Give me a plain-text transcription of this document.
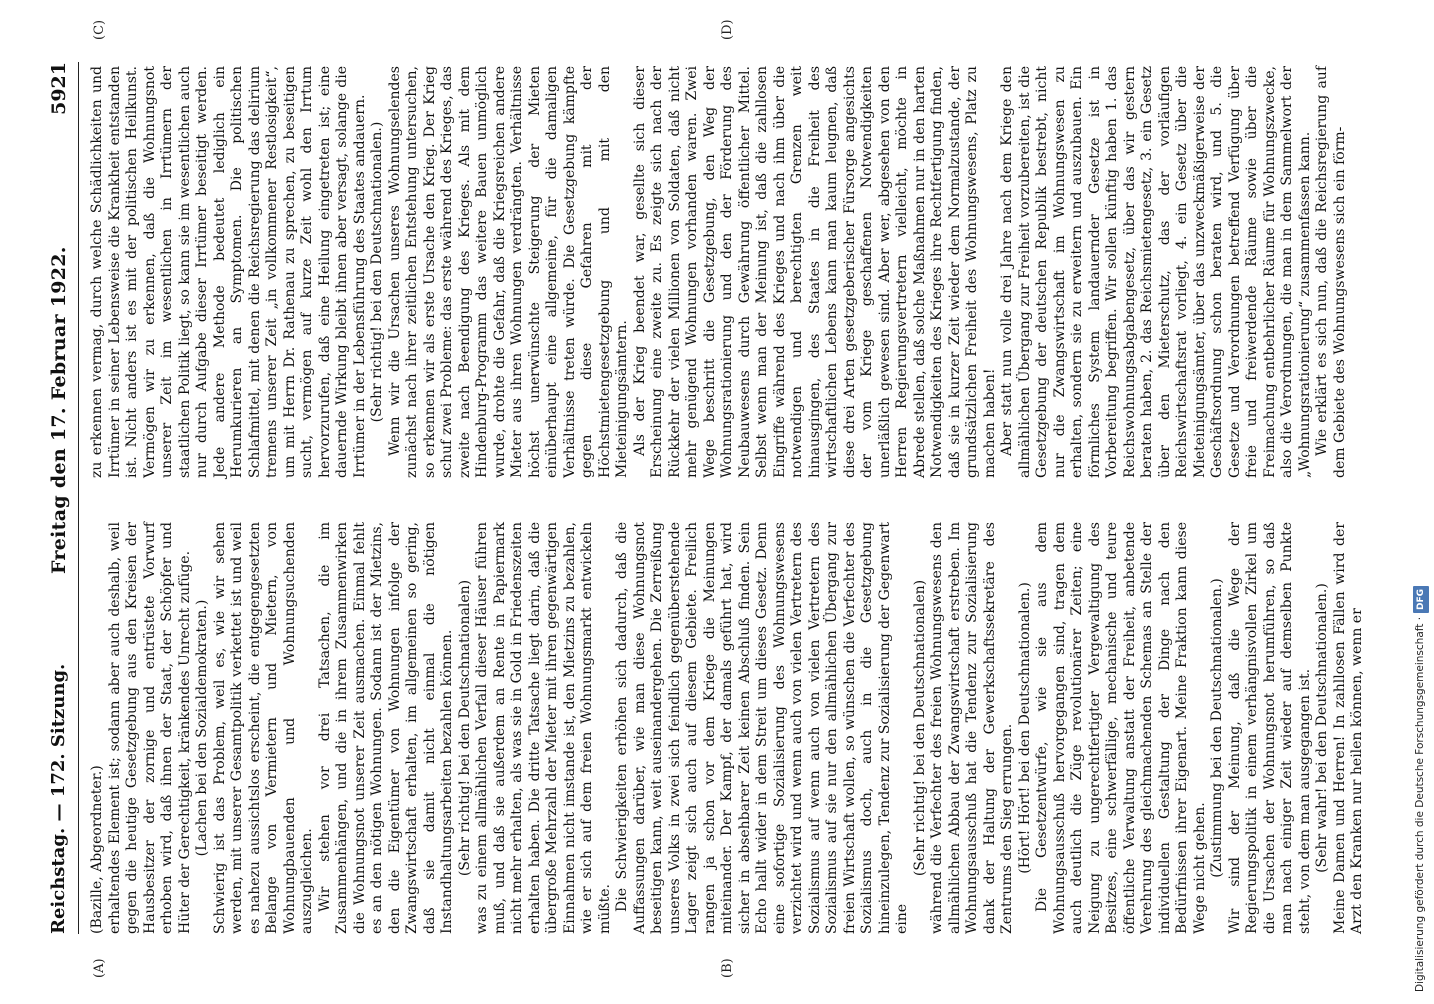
Reichstag. — 172. Sitzung.
Freitag den 17. Februar 1922.
5921
(A)	(B)

(Bazille, Abgeordneter.) erhaltendes Element ist; sodann aber auch deshalb, weil gegen die heutige Gesetzgebung aus den Kreisen der Hausbesitzer der zornige und entrüstete Vorwurf erhoben wird, daß ihnen der Staat, der Schöpfer und Hüter der Gerechtigkeit, kränkendes Unrecht zufüge. (Lachen bei den Sozialdemokraten.) Schwierig ist das Problem, weil es, wie wir sehen werden, mit unserer Gesamtpolitik verkettet ist und weil es nahezu aussichtslos erscheint, die entgegengesetzten Belange von Vermietern und Mietern, von Wohnungbauenden und Wohnungsuchenden auszugleichen. Wir stehen vor drei Tatsachen, die im Zusammenhängen, und die in ihrem Zusammenwirken die Wohnungsnot unserer Zeit ausmachen. Einmal fehlt es an den nötigen Wohnungen. Sodann ist der Mietzins, den die Eigentümer von Wohnungen infolge der Zwangswirtschaft erhalten, im allgemeinen so gering, daß sie damit nicht einmal die nötigen Instandhaltungsarbeiten bezahlen können. (Sehr richtig! bei den Deutschnationalen) was zu einem allmählichen Verfall dieser Häuser führen muß, und daß sie außerdem an Rente in Papiermark nicht mehr erhalten, als was sie in Gold in Friedenszeiten erhalten haben. Die dritte Tatsache liegt darin, daß die übergroße Mehrzahl der Mieter mit ihren gegenwärtigen Einnahmen nicht imstande ist, den Mietzins zu bezahlen, wie er sich auf dem freien Wohnungsmarkt entwickeln müßte. Die Schwierigkeiten erhöhen sich dadurch, daß die Auffassungen darüber, wie man diese Wohnungsnot beseitigen kann, weit auseinandergehen. Die Zerreißung unseres Volks in zwei sich feindlich gegenüberstehende Lager zeigt sich auch auf diesem Gebiete. Freilich rangen ja schon vor dem Kriege die Meinungen miteinander. Der Kampf, der damals geführt hat, wird sicher in absehbarer Zeit keinen Abschluß finden. Sein Echo hallt wider in dem Streit um dieses Gesetz. Denn eine sofortige Sozialisierung des Wohnungswesens verzichtet wird und wenn auch von vielen Vertretern des Sozialismus auf wenn auch von vielen Vertretern des Sozialismus auf sie nur den allmählichen Übergang zur freien Wirtschaft wollen, so wünschen die Verfechter des Sozialismus doch, auch in die Gesetzgebung hineinzulegen, Tendenz zur Sozialisierung der Gegenwart eine

(Sehr richtig! bei den Deutschnationalen) während die Verfechter des freien Wohnungswesens den allmählichen Abbau der Zwangswirtschaft erstreben. Im Wohnungsausschuß hat die Tendenz zur Sozialisierung dank der Haltung der Gewerkschaftssekretäre des Zentrums den Sieg errungen. (Hört! Hört! bei den Deutschnationalen.) Die Gesetzentwürfe, wie sie aus dem Wohnungsausschuß hervorgegangen sind, tragen dem auch deutlich die Züge revolutionärer Zeiten; eine Neigung zu ungerechtfertigter Vergewaltigung des Besitzes, eine schwerfällige, mechanische und teure öffentliche Verwaltung anstatt der Freiheit, anbetende Verehrung des gleichmachenden Schemas an Stelle der individuellen Gestaltung der Dinge nach den Bedürfnissen ihrer Eigenart. Meine Fraktion kann diese Wege nicht gehen. (Zustimmung bei den Deutschnationalen.) Wir sind der Meinung, daß die Wege der Regierungspolitik in einem verhängnisvollen Zirkel um die Ursachen der Wohnungsnot herumführen, so daß man nach einiger Zeit wieder auf demselben Punkte steht, von dem man ausgegangen ist. (Sehr wahr! bei den Deutschnationalen.) Meine Damen und Herren! In zahllosen Fällen wird der Arzt den Kranken nur heilen können, wenn er

(C)	(D)

zu erkennen vermag, durch welche Schädlichkeiten und Irrtümer in seiner Lebensweise die Krankheit entstanden ist. Nicht anders ist es mit der politischen Heilkunst. Vermögen wir zu erkennen, daß die Wohnungsnot unserer Zeit im wesentlichen in Irrtümern der staatlichen Politik liegt, so kann sie im wesentlichen auch nur durch Aufgabe dieser Irrtümer beseitigt werden. Jede andere Methode bedeutet lediglich ein Herumkurieren an Symptomen. Die politischen Schlafmittel, mit denen die Reichsregierung das delirium tremens unserer Zeit „in vollkommener Restlosigkeit“, um mit Herrn Dr. Rathenau zu sprechen, zu beseitigen sucht, vermögen auf kurze Zeit wohl den Irrtum hervorzurufen, daß eine Heilung eingetreten ist; eine dauernde Wirkung bleibt ihnen aber versagt, solange die Irrtümer in der Lebensführung des Staates andauern. (Sehr richtig! bei den Deutschnationalen.) Wenn wir die Ursachen unseres Wohnungselendes zunächst nach ihrer zeitlichen Entstehung untersuchen, so erkennen wir als erste Ursache den Krieg. Der Krieg schuf zwei Probleme: das erste während des Krieges, das zweite nach Beendigung des Krieges. Als mit dem Hindenburg-Programm das weitere Bauen unmöglich wurde, drohte die Gefahr, daß die Kriegsreichen andere Mieter aus ihren Wohnungen verdrängten. Verhältnisse höchst unerwünschte Steigerung der Mieten einüberhaupt eine allgemeine, für die damaligen Verhältnisse treten würde. Die Gesetzgebung kämpfte gegen diese Gefahren mit der Höchstmietengesetzgebung und mit den Mieteinigungsämtern. Als der Krieg beendet war, gesellte sich dieser Erscheinung eine zweite zu. Es zeigte sich nach der Rückkehr der vielen Millionen von Soldaten, daß nicht mehr genügend Wohnungen vorhanden waren. Zwei Wege beschritt die Gesetzgebung, den Weg der Wohnungsrationierung und den der Förderung des Neubauwesens durch Gewährung öffentlicher Mittel. Selbst wenn man der Meinung ist, daß die zahllosen Eingriffe während des Krieges und nach ihm über die notwendigen und berechtigten Grenzen weit hinausgingen, des Staates in die Freiheit des wirtschaftlichen Lebens kann man kaum leugnen, daß diese drei Arten gesetzgeberischer Fürsorge angesichts der vom Kriege geschaffenen Notwendigkeiten unerläßlich gewesen sind. Aber wer, abgesehen von den Herren Regierungsvertretern vielleicht, möchte in Abrede stellen, daß solche Maßnahmen nur in den harten Notwendigkeiten des Krieges ihre Rechtfertigung finden, daß sie in kurzer Zeit wieder dem Normalzustande, der grundsätzlichen Freiheit des Wohnungswesens, Platz zu machen haben! Aber statt nun volle drei Jahre nach dem Kriege den allmählichen Übergang zur Freiheit vorzubereiten, ist die Gesetzgebung der deutschen Republik bestrebt, nicht nur die Zwangswirtschaft im Wohnungswesen zu erhalten, sondern sie zu erweitern und auszubauen. Ein förmliches System landauernder Gesetze ist in Vorbereitung begriffen. Wir sollen künftig haben 1. das Reichswohnungsabgabengesetz, über das wir gestern beraten haben, 2. das Reichsmietengesetz, 3. ein Gesetz über den Mieterschutz, das der vorläufigen Reichswirtschaftsrat vorliegt, 4. ein Gesetz über die Mieteinigungsämter, über das unzweckmäßigerweise der Geschäftsordnung schon beraten wird, und 5. die Gesetze und Verordnungen betreffend Verfügung über freie und freiwerdende Räume sowie über die Freimachung entbehrlicher Räume für Wohnungszwecke, also die Verordnungen, die man in dem Sammelwort der „Wohnungsrationierung“ zusammenfassen kann. Wie erklärt es sich nun, daß die Reichsregierung auf dem Gebiete des Wohnungswesens sich ein förm-

Digitalisierung gefördert durch die Deutsche Forschungsgemeinschaft ·DFG
